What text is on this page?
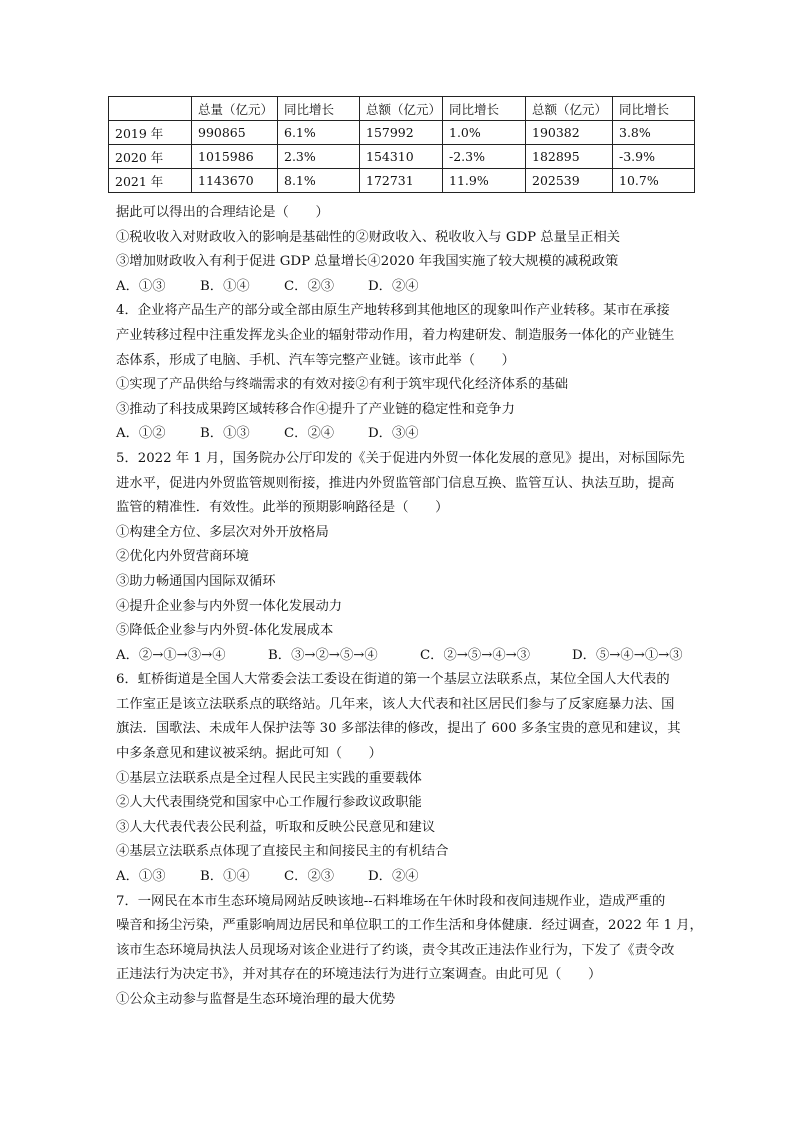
	总量（亿元）	同比增长	总额（亿元）	同比增长	总额（亿元）	同比增长
2019 年	990865	6.1%	157992	1.0%	190382	3.8%
2020 年	1015986	2.3%	154310	-2.3%	182895	-3.9%
2021 年	1143670	8.1%	172731	11.9%	202539	10.7%
据此可以得出的合理结论是（　　）
①税收收入对财政收入的影响是基础性的②财政收入、税收收入与 GDP 总量呈正相关
③增加财政收入有利于促进 GDP 总量增长④2020 年我国实施了较大规模的减税政策
A．①③	B．①④	C．②③	D．②④
4．企业将产品生产的部分或全部由原生产地转移到其他地区的现象叫作产业转移。某市在承接
产业转移过程中注重发挥龙头企业的辐射带动作用，着力构建研发、制造服务一体化的产业链生
态体系，形成了电脑、手机、汽车等完整产业链。该市此举（　　）
①实现了产品供给与终端需求的有效对接②有利于筑牢现代化经济体系的基础
③推动了科技成果跨区域转移合作④提升了产业链的稳定性和竞争力
A．①②	B．①③	C．②④	D．③④
5．2022 年 1 月，国务院办公厅印发的《关于促进内外贸一体化发展的意见》提出，对标国际先
进水平，促进内外贸监管规则衔接，推进内外贸监管部门信息互换、监管互认、执法互助，提高
监管的精准性．有效性。此举的预期影响路径是（　　）
①构建全方位、多层次对外开放格局
②优化内外贸营商环境
③助力畅通国内国际双循环
④提升企业参与内外贸一体化发展动力
⑤降低企业参与内外贸-体化发展成本
A．②→①→③→④	B．③→②→⑤→④	C．②→⑤→④→③	D．⑤→④→①→③
6．虹桥街道是全国人大常委会法工委设在街道的第一个基层立法联系点，某位全国人大代表的
工作室正是该立法联系点的联络站。几年来，该人大代表和社区居民们参与了反家庭暴力法、国
旗法．国歌法、未成年人保护法等 30 多部法律的修改，提出了 600 多条宝贵的意见和建议，其
中多条意见和建议被采纳。据此可知（　　）
①基层立法联系点是全过程人民民主实践的重要载体
②人大代表围绕党和国家中心工作履行参政议政职能
③人大代表代表公民利益，听取和反映公民意见和建议
④基层立法联系点体现了直接民主和间接民主的有机结合
A．①③	B．①④	C．②③	D．②④
7．一网民在本市生态环境局网站反映该地--石料堆场在午休时段和夜间违规作业，造成严重的
噪音和扬尘污染，严重影响周边居民和单位职工的工作生活和身体健康．经过调查，2022 年 1 月，
该市生态环境局执法人员现场对该企业进行了约谈，责令其改正违法作业行为，下发了《责令改
正违法行为决定书》，并对其存在的环境违法行为进行立案调查。由此可见（　　）
①公众主动参与监督是生态环境治理的最大优势
